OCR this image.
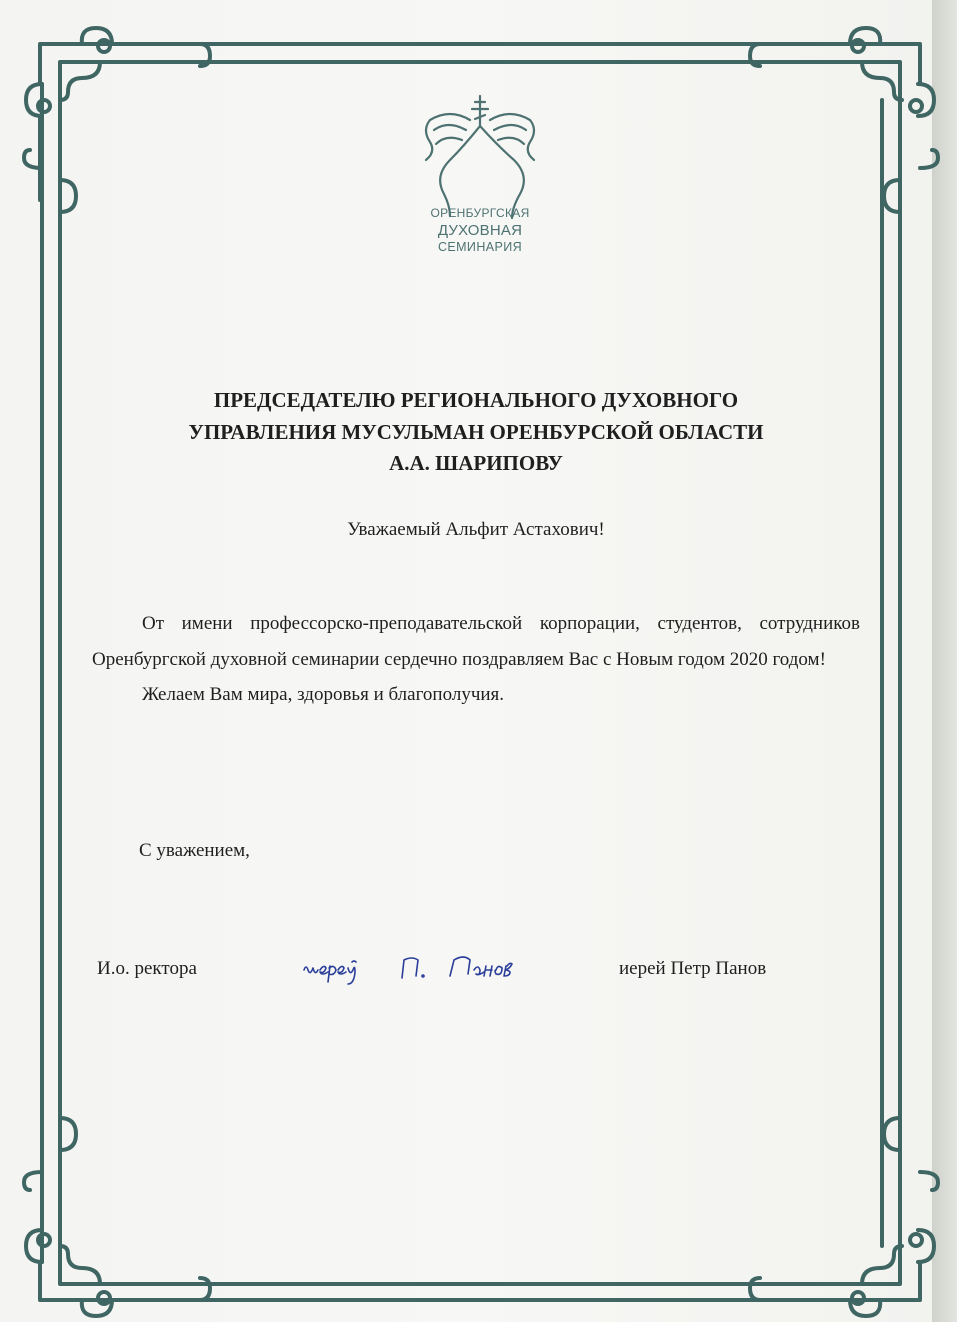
ОРЕНБУРГСКАЯ
ДУХОВНАЯ
СЕМИНАРИЯ
ПРЕДСЕДАТЕЛЮ РЕГИОНАЛЬНОГО ДУХОВНОГО
УПРАВЛЕНИЯ МУСУЛЬМАН ОРЕНБУРСКОЙ ОБЛАСТИ
А.А. ШАРИПОВУ
Уважаемый Альфит Астахович!

От имени профессорско-преподавательской корпорации, студентов, сотрудников Оренбургской духовной семинарии сердечно поздравляем Вас с Новым годом 2020 годом!

Желаем Вам мира, здоровья и благополучия.

С уважением,
И.о. ректора	иерей Петр Панов
